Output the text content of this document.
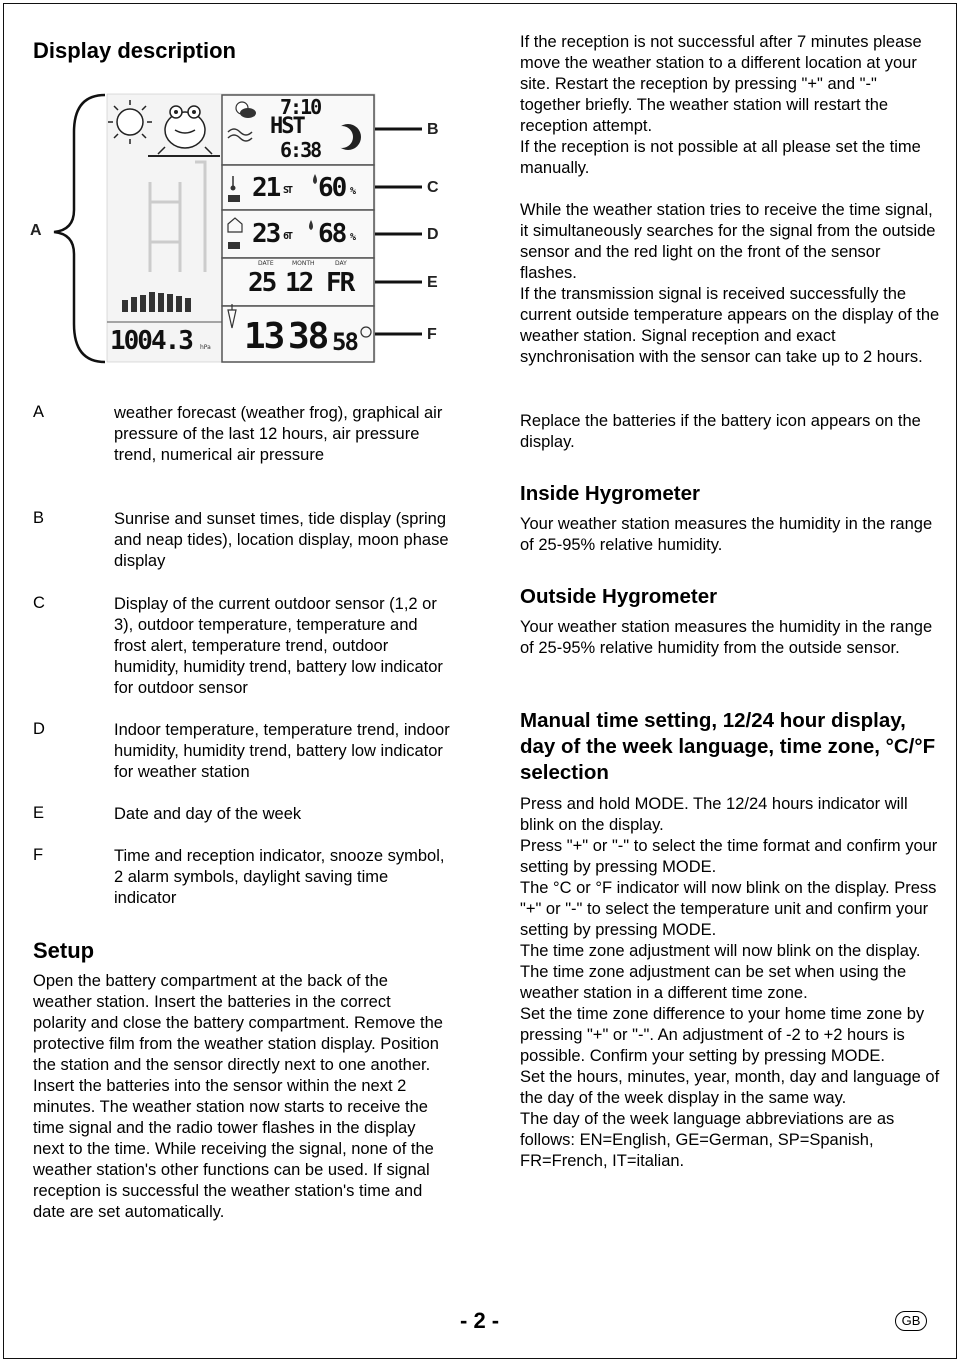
Display description
7:10
HST
6:38
21 ST 60 %
23 6T 68 %
DATE	MONTH	DAY
25 12 FR
1004.3 hPa 13 38 58
A
B
C
D
E
F
A	weather forecast (weather frog), graphical air pressure of the last 12 hours, air pressure trend, numerical air pressure
B	Sunrise and sunset times, tide display (spring and neap tides), location display, moon phase display
C	Display of the current outdoor sensor (1,2 or 3), outdoor temperature, temperature and frost alert, temperature trend, outdoor humidity, humidity trend, battery low indicator for outdoor sensor
D	Indoor temperature, temperature trend, indoor humidity, humidity trend, battery low indicator for weather station
E	Date and day of the week
F	Time and reception indicator, snooze symbol, 2 alarm symbols, daylight saving time indicator
Setup

Open the battery compartment at the back of the weather station. Insert the batteries in the correct polarity and close the battery compartment. Remove the protective film from the weather station display. Position the station and the sensor directly next to one another. Insert the batteries into the sensor within the next 2 minutes. The weather station now starts to receive the time signal and the radio tower flashes in the display next to the time. While receiving the signal, none of the weather station's other functions can be used. If signal reception is successful the weather station's time and date are set automatically.

If the reception is not successful after 7 minutes please move the weather station to a different location at your site. Restart the reception by pressing "+" and "-" together briefly. The weather station will restart the reception attempt.

If the reception is not possible at all please set the time manually.

While the weather station tries to receive the time signal, it simultaneously searches for the signal from the outside sensor and the red light on the front of the sensor flashes.

If the transmission signal is received successfully the current outside temperature appears on the display of the weather station. Signal reception and exact synchronisation with the sensor can take up to 2 hours.

Replace the batteries if the battery icon appears on the display.

Inside Hygrometer

Your weather station measures the humidity in the range of 25-95% relative humidity.

Outside Hygrometer

Your weather station measures the humidity in the range of 25-95% relative humidity from the outside sensor.

Manual time setting, 12/24 hour display, day of the week language, time zone, °C/°F selection

Press and hold MODE. The 12/24 hours indicator will blink on the display.

Press "+" or "-" to select the time format and confirm your setting by pressing MODE.

The °C or °F indicator will now blink on the display. Press "+" or "-" to select the temperature unit and confirm your setting by pressing MODE.

The time zone adjustment will now blink on the display. The time zone adjustment can be set when using the weather station in a different time zone.

Set the time zone difference to your home time zone by pressing "+" or "-". An adjustment of -2 to +2 hours is possible. Confirm your setting by pressing MODE.

Set the hours, minutes, year, month, day and language of the day of the week display in the same way.

The day of the week language abbreviations are as follows: EN=English, GE=German, SP=Spanish, FR=French, IT=italian.

- 2 -	GB
